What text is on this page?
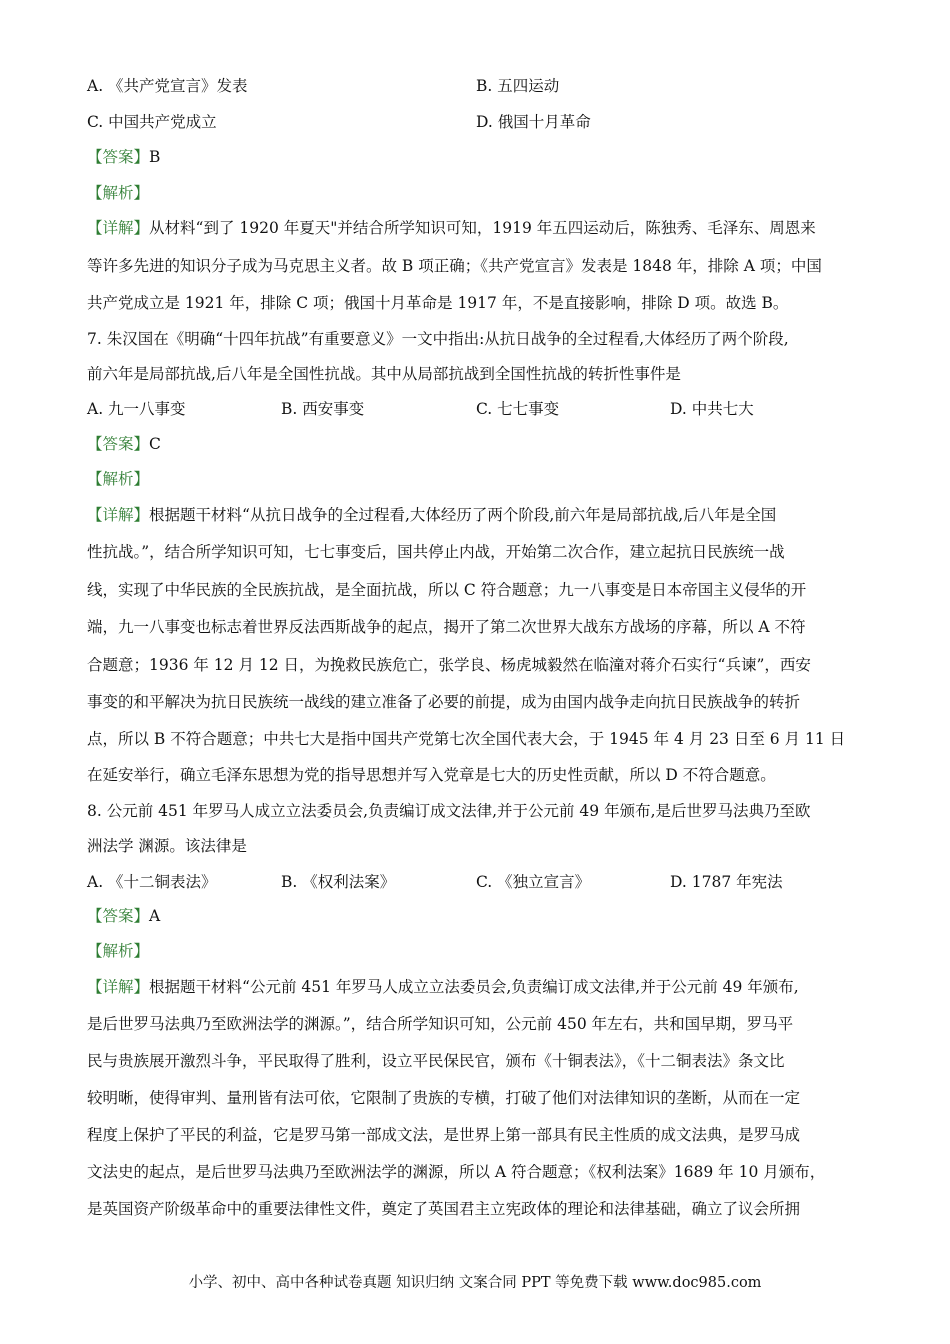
A. 《共产党宣言》发表	B. 五四运动
C. 中国共产党成立	D. 俄国十月革命
【答案】B
【解析】
【详解】从材料“到了 1920 年夏天"并结合所学知识可知，1919 年五四运动后，陈独秀、毛泽东、周恩来
等许多先进的知识分子成为马克思主义者。故 B 项正确；《共产党宣言》发表是 1848 年，排除 A 项；中国
共产党成立是 1921 年，排除 C 项；俄国十月革命是 1917 年，不是直接影响，排除 D 项。故选 B。
7. 朱汉国在《明确“十四年抗战”有重要意义》一文中指出:从抗日战争的全过程看,大体经历了两个阶段,
前六年是局部抗战,后八年是全国性抗战。其中从局部抗战到全国性抗战的转折性事件是
A. 九一八事变	B. 西安事变	C. 七七事变	D. 中共七大
【答案】C
【解析】
【详解】根据题干材料“从抗日战争的全过程看,大体经历了两个阶段,前六年是局部抗战,后八年是全国
性抗战。”，结合所学知识可知，七七事变后，国共停止内战，开始第二次合作，建立起抗日民族统一战
线，实现了中华民族的全民族抗战，是全面抗战，所以 C 符合题意；九一八事变是日本帝国主义侵华的开
端，九一八事变也标志着世界反法西斯战争的起点，揭开了第二次世界大战东方战场的序幕，所以 A 不符
合题意；1936 年 12 月 12 日，为挽救民族危亡，张学良、杨虎城毅然在临潼对蒋介石实行“兵谏”，西安
事变的和平解决为抗日民族统一战线的建立准备了必要的前提，成为由国内战争走向抗日民族战争的转折
点，所以 B 不符合题意；中共七大是指中国共产党第七次全国代表大会，于 1945 年 4 月 23 日至 6 月 11 日
在延安举行，确立毛泽东思想为党的指导思想并写入党章是七大的历史性贡献，所以 D 不符合题意。
8. 公元前 451 年罗马人成立立法委员会,负责编订成文法律,并于公元前 49 年颁布,是后世罗马法典乃至欧
洲法学 渊源。该法律是
A. 《十二铜表法》	B. 《权利法案》	C. 《独立宣言》	D. 1787 年宪法
【答案】A
【解析】
【详解】根据题干材料“公元前 451 年罗马人成立立法委员会,负责编订成文法律,并于公元前 49 年颁布,
是后世罗马法典乃至欧洲法学的渊源。”，结合所学知识可知，公元前 450 年左右，共和国早期，罗马平
民与贵族展开激烈斗争，平民取得了胜利，设立平民保民官，颁布《十铜表法》，《十二铜表法》条文比
较明晰，使得审判、量刑皆有法可依，它限制了贵族的专横，打破了他们对法律知识的垄断，从而在一定
程度上保护了平民的利益，它是罗马第一部成文法，是世界上第一部具有民主性质的成文法典，是罗马成
文法史的起点，是后世罗马法典乃至欧洲法学的渊源，所以 A 符合题意；《权利法案》1689 年 10 月颁布，
是英国资产阶级革命中的重要法律性文件，奠定了英国君主立宪政体的理论和法律基础，确立了议会所拥
小学、初中、高中各种试卷真题 知识归纳 文案合同 PPT 等免费下载 www.doc985.com
